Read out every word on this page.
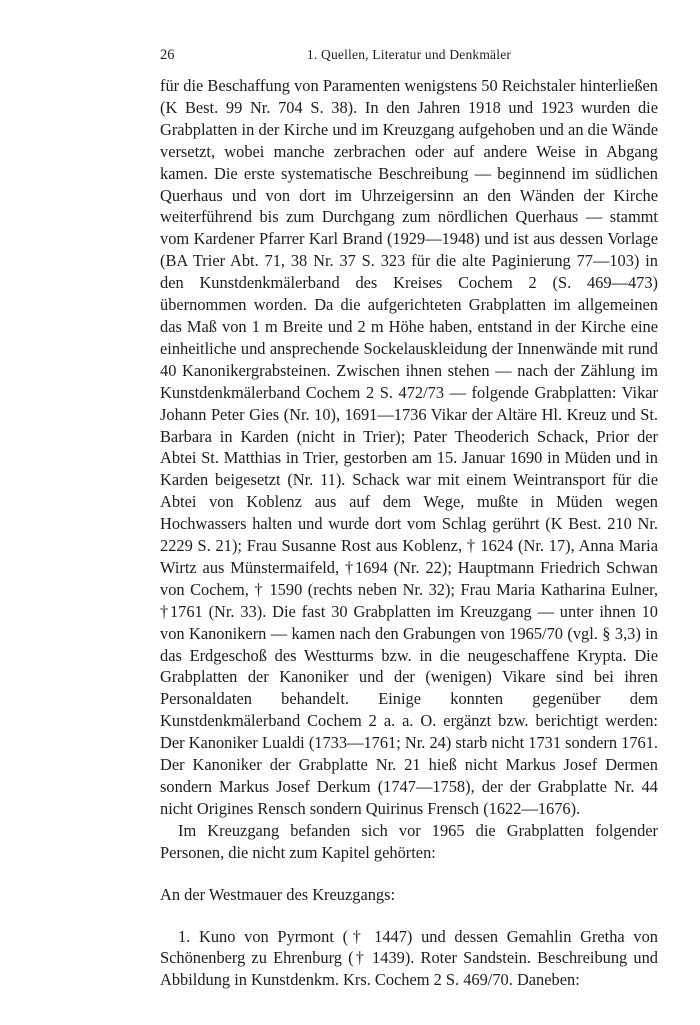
26	1. Quellen, Literatur und Denkmäler

für die Beschaffung von Paramenten wenigstens 50 Reichstaler hinterließen (K Best. 99 Nr. 704 S. 38). In den Jahren 1918 und 1923 wurden die Grabplatten in der Kirche und im Kreuzgang aufgehoben und an die Wände versetzt, wobei manche zerbrachen oder auf andere Weise in Abgang kamen. Die erste systematische Beschreibung — beginnend im südlichen Querhaus und von dort im Uhrzeigersinn an den Wänden der Kirche weiterführend bis zum Durchgang zum nördlichen Querhaus — stammt vom Kardener Pfarrer Karl Brand (1929—1948) und ist aus dessen Vorlage (BA Trier Abt. 71, 38 Nr. 37 S. 323 für die alte Paginierung 77—103) in den Kunstdenkmälerband des Kreises Cochem 2 (S. 469—473) übernommen worden. Da die aufgerichteten Grabplatten im allgemeinen das Maß von 1 m Breite und 2 m Höhe haben, entstand in der Kirche eine einheitliche und ansprechende Sockelauskleidung der Innenwände mit rund 40 Kanonikergrabsteinen. Zwischen ihnen stehen — nach der Zählung im Kunstdenkmälerband Cochem 2 S. 472/73 — folgende Grabplatten: Vikar Johann Peter Gies (Nr. 10), 1691—1736 Vikar der Altäre Hl. Kreuz und St. Barbara in Karden (nicht in Trier); Pater Theoderich Schack, Prior der Abtei St. Matthias in Trier, gestorben am 15. Januar 1690 in Müden und in Karden beigesetzt (Nr. 11). Schack war mit einem Weintransport für die Abtei von Koblenz aus auf dem Wege, mußte in Müden wegen Hochwassers halten und wurde dort vom Schlag gerührt (K Best. 210 Nr. 2229 S. 21); Frau Susanne Rost aus Koblenz, † 1624 (Nr. 17), Anna Maria Wirtz aus Münstermaifeld, †1694 (Nr. 22); Hauptmann Friedrich Schwan von Cochem, † 1590 (rechts neben Nr. 32); Frau Maria Katharina Eulner, †1761 (Nr. 33). Die fast 30 Grabplatten im Kreuzgang — unter ihnen 10 von Kanonikern — kamen nach den Grabungen von 1965/70 (vgl. § 3,3) in das Erdgeschoß des Westturms bzw. in die neugeschaffene Krypta. Die Grabplatten der Kanoniker und der (wenigen) Vikare sind bei ihren Personaldaten behandelt. Einige konnten gegenüber dem Kunstdenkmälerband Cochem 2 a. a. O. ergänzt bzw. berichtigt werden: Der Kanoniker Lualdi (1733—1761; Nr. 24) starb nicht 1731 sondern 1761. Der Kanoniker der Grabplatte Nr. 21 hieß nicht Markus Josef Dermen sondern Markus Josef Derkum (1747—1758), der der Grabplatte Nr. 44 nicht Origines Rensch sondern Quirinus Frensch (1622—1676).

Im Kreuzgang befanden sich vor 1965 die Grabplatten folgender Personen, die nicht zum Kapitel gehörten:

An der Westmauer des Kreuzgangs:

1. Kuno von Pyrmont († 1447) und dessen Gemahlin Gretha von Schönenberg zu Ehrenburg († 1439). Roter Sandstein. Beschreibung und Abbildung in Kunstdenkm. Krs. Cochem 2 S. 469/70. Daneben:
